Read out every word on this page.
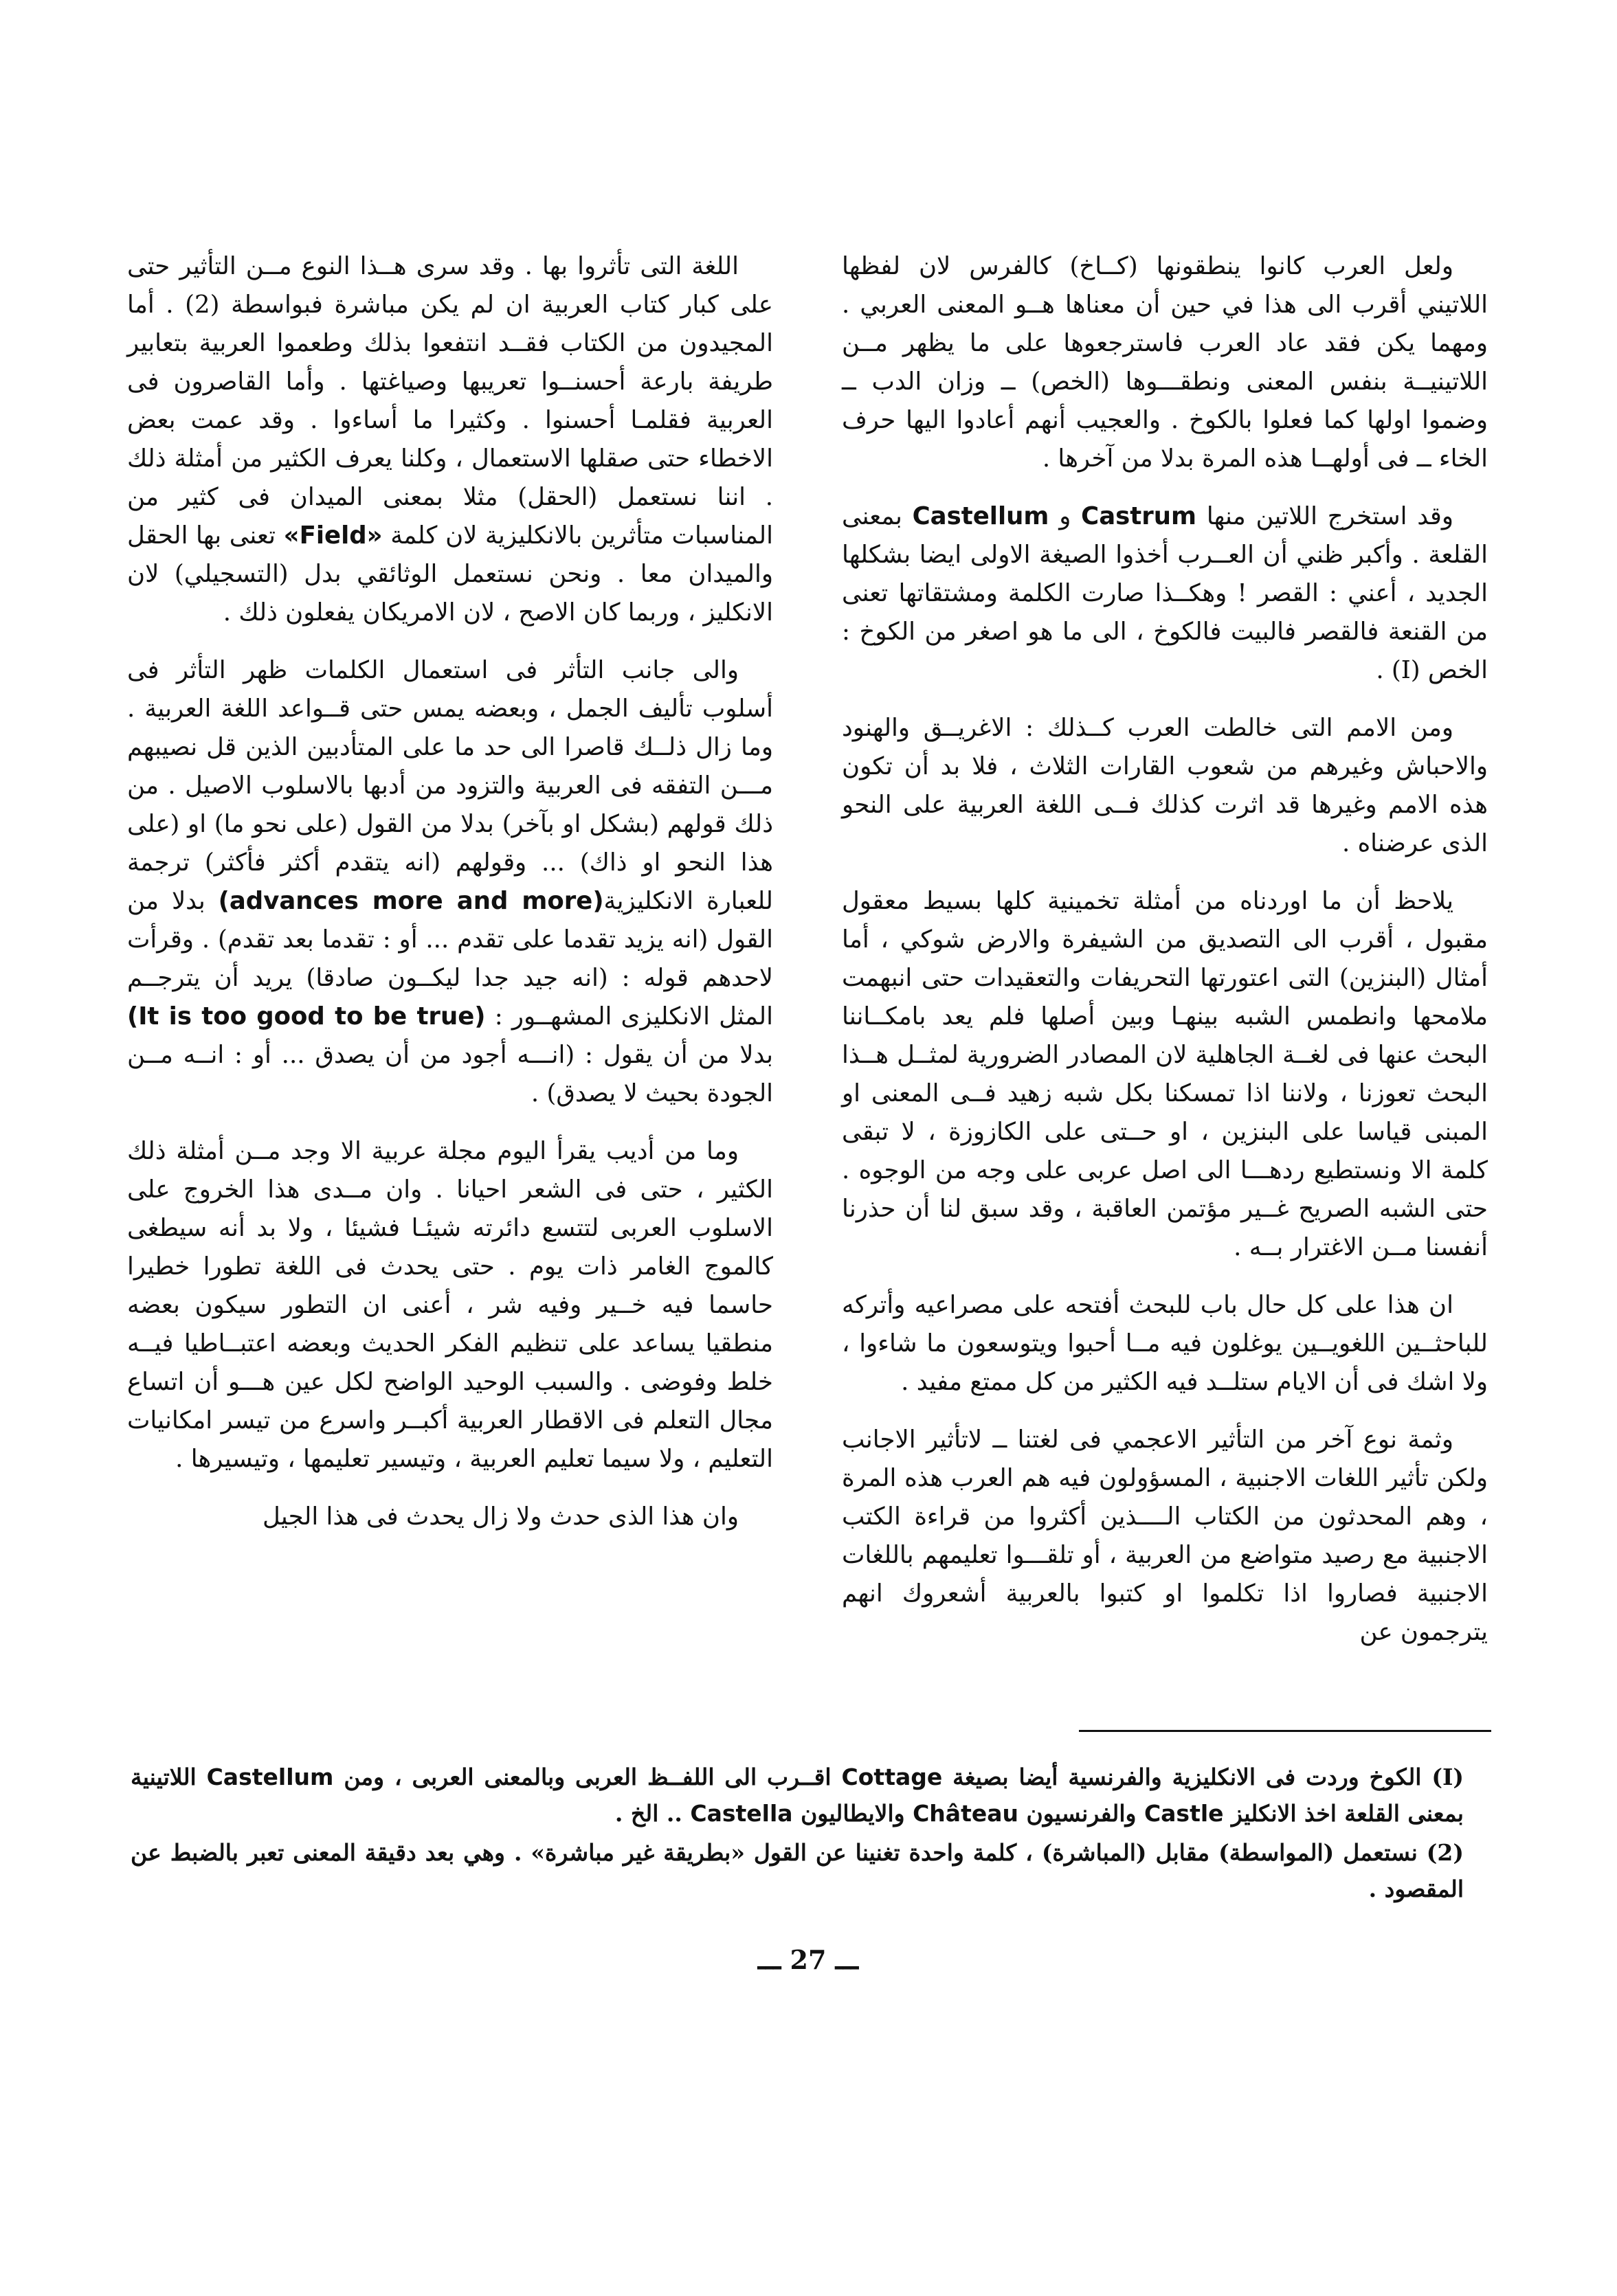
ولعل العرب كانوا ينطقونها (كــاخ) كالفرس لان لفظها اللاتيني أقرب الى هذا في حين أن معناها هــو المعنى العربي . ومهما يكن فقد عاد العرب فاسترجعوها على ما يظهر مــن اللاتينيــة بنفس المعنى ونطقـــوها (الخص) ــ وزان الدب ــ وضموا اولها كما فعلوا بالكوخ . والعجيب أنهم أعادوا اليها حرف الخاء ــ فى أولهــا هذه المرة بدلا من آخرها .

وقد استخرج اللاتين منها Castrum و Castellum بمعنى القلعة . وأكبر ظني أن العــرب أخذوا الصيغة الاولى ايضا بشكلها الجديد ، أعني : القصر ! وهكــذا صارت الكلمة ومشتقاتها تعنى من القنعة فالقصر فالبيت فالكوخ ، الى ما هو اصغر من الكوخ : الخص (I) .

ومن الامم التى خالطت العرب كــذلك : الاغريــق والهنود والاحباش وغيرهم من شعوب القارات الثلاث ، فلا بد أن تكون هذه الامم وغيرها قد اثرت كذلك فــى اللغة العربية على النحو الذى عرضناه .

يلاحظ أن ما اوردناه من أمثلة تخمينية كلها بسيط معقول مقبول ، أقرب الى التصديق من الشيفرة والارض شوكي ، أما أمثال (البنزين) التى اعتورتها التحريفات والتعقيدات حتى انبهمت ملامحها وانطمس الشبه بينهـا وبين أصلها فلم يعد بامكــاننا البحث عنها فى لغــة الجاهلية لان المصادر الضرورية لمثــل هــذا البحث تعوزنا ، ولاننا اذا تمسكنا بكل شبه زهيد فــى المعنى او المبنى قياسا على البنزين ، او حــتى على الكازوزة ، لا تبقى كلمة الا ونستطيع ردهـــا الى اصل عربى على وجه من الوجوه . حتى الشبه الصريح غــير مؤتمن العاقبة ، وقد سبق لنا أن حذرنا أنفسنا مــن الاغترار بــه .

ان هذا على كل حال باب للبحث أفتحه على مصراعيه وأتركه للباحثــين اللغويــين يوغلون فيه مــا أحبوا ويتوسعون ما شاءوا ، ولا اشك فى أن الايام ستلــد فيه الكثير من كل ممتع مفيد .

وثمة نوع آخر من التأثير الاعجمي فى لغتنا ــ لاتأثير الاجانب ولكن تأثير اللغات الاجنبية ، المسؤولون فيه هم العرب هذه المرة ، وهم المحدثون من الكتاب الــــذين أكثروا من قراءة الكتب الاجنبية مع رصيد متواضع من العربية ، أو تلقـــوا تعليمهم باللغات الاجنبية فصاروا اذا تكلموا او كتبوا بالعربية أشعروك انهم يترجمون عن

اللغة التى تأثروا بها . وقد سرى هــذا النوع مــن التأثير حتى على كبار كتاب العربية ان لم يكن مباشرة فبواسطة (2) . أما المجيدون من الكتاب فقــد انتفعوا بذلك وطعموا العربية بتعابير طريفة بارعة أحسنــوا تعريبها وصياغتها . وأما القاصرون فى العربية فقلمـا أحسنوا . وكثيرا ما أساءوا . وقد عمت بعض الاخطاء حتى صقلها الاستعمال ، وكلنا يعرف الكثير من أمثلة ذلك . اننا نستعمل (الحقل) مثلا بمعنى الميدان فى كثير من المناسبات متأثرين بالانكليزية لان كلمة «Field» تعنى بها الحقل والميدان معا . ونحن نستعمل الوثائقي بدل (التسجيلي) لان الانكليز ، وربما كان الاصح ، لان الامريكان يفعلون ذلك .

والى جانب التأثر فى استعمال الكلمات ظهر التأثر فى أسلوب تأليف الجمل ، وبعضه يمس حتى قــواعد اللغة العربية . وما زال ذلــك قاصرا الى حد ما على المتأدبين الذين قل نصيبهم مـــن التفقه فى العربية والتزود من أدبها بالاسلوب الاصيل . من ذلك قولهم (بشكل او بآخر) بدلا من القول (على نحو ما) او (على هذا النحو او ذاك) ... وقولهم (انه يتقدم أكثر فأكثر) ترجمة للعبارة الانكليزية(advances more and more) بدلا من القول (انه يزيد تقدما على تقدم ... أو : تقدما بعد تقدم) . وقرأت لاحدهم قوله : (انه جيد جدا ليكــون صادقا) يريد أن يترجــم المثل الانكليزى المشهــور : (It is too good to be true) بدلا من أن يقول : (انـــه أجود من أن يصدق ... أو : انــه مــن الجودة بحيث لا يصدق) .

وما من أديب يقرأ اليوم مجلة عربية الا وجد مــن أمثلة ذلك الكثير ، حتى فى الشعر احيانا . وان مــدى هذا الخروج على الاسلوب العربى لتتسع دائرته شيئـا فشيئا ، ولا بد أنه سيطغى كالموج الغامر ذات يوم . حتى يحدث فى اللغة تطورا خطيرا حاسما فيه خــير وفيه شر ، أعنى ان التطور سيكون بعضه منطقيا يساعد على تنظيم الفكر الحديث وبعضه اعتبــاطيا فيــه خلط وفوضى . والسبب الوحيد الواضح لكل عين هـــو أن اتساع مجال التعلم فى الاقطار العربية أكبــر واسرع من تيسر امكانيات التعليم ، ولا سيما تعليم العربية ، وتيسير تعليمها ، وتيسيرها .

وان هذا الذى حدث ولا زال يحدث فى هذا الجيل

(I) الكوخ وردت فى الانكليزية والفرنسية أيضا بصيغة Cottage اقــرب الى اللفــظ العربى وبالمعنى العربى ، ومن Castellum اللاتينية بمعنى القلعة اخذ الانكليز Castle والفرنسيون Château والايطاليون Castella .. الخ .

(2) نستعمل (المواسطة) مقابل (المباشرة) ، كلمة واحدة تغنينا عن القول «بطريقة غير مباشرة» . وهي بعد دقيقة المعنى تعبر بالضبط عن المقصود .

ـــ 27 ـــ
